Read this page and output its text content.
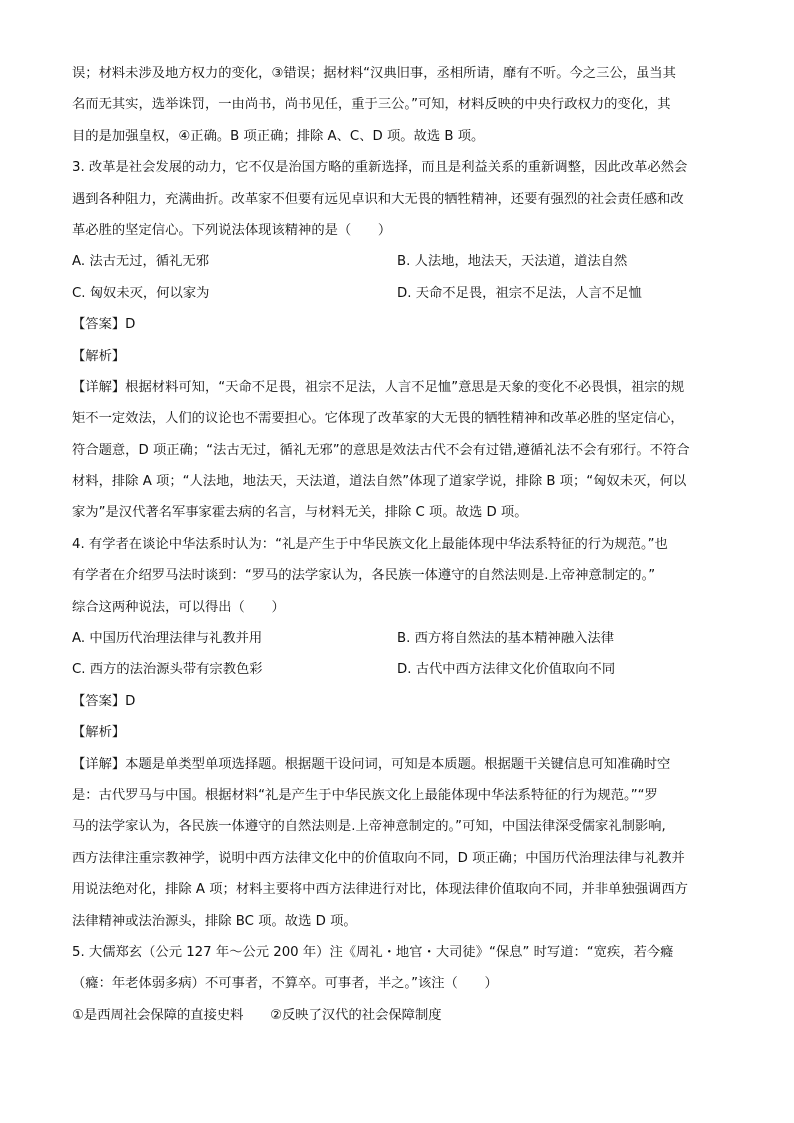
误；材料未涉及地方权力的变化，③错误；据材料“汉典旧事，丞相所请，靡有不听。今之三公，虽当其
名而无其实，选举诛罚，一由尚书，尚书见任，重于三公。”可知，材料反映的中央行政权力的变化，其
目的是加强皇权，④正确。B 项正确；排除 A、C、D 项。故选 B 项。
3. 改革是社会发展的动力，它不仅是治国方略的重新选择，而且是利益关系的重新调整，因此改革必然会
遇到各种阻力，充满曲折。改革家不但要有远见卓识和大无畏的牺牲精神，还要有强烈的社会责任感和改
革必胜的坚定信心。下列说法体现该精神的是（　　）
A. 法古无过，循礼无邪	B. 人法地，地法天，天法道，道法自然
C. 匈奴未灭，何以家为	D. 天命不足畏，祖宗不足法，人言不足恤
【答案】D
【解析】
【详解】根据材料可知，“天命不足畏，祖宗不足法，人言不足恤”意思是天象的变化不必畏惧，祖宗的规
矩不一定效法，人们的议论也不需要担心。它体现了改革家的大无畏的牺牲精神和改革必胜的坚定信心，
符合题意，D 项正确；“法古无过，循礼无邪”的意思是效法古代不会有过错,遵循礼法不会有邪行。不符合
材料，排除 A 项；“人法地，地法天，天法道，道法自然”体现了道家学说，排除 B 项；“匈奴未灭，何以
家为”是汉代著名军事家霍去病的名言，与材料无关，排除 C 项。故选 D 项。
4. 有学者在谈论中华法系时认为：“礼是产生于中华民族文化上最能体现中华法系特征的行为规范。”也
有学者在介绍罗马法时谈到：“罗马的法学家认为，各民族一体遵守的自然法则是.上帝神意制定的。”
综合这两种说法，可以得出（　　）
A. 中国历代治理法律与礼教并用	B. 西方将自然法的基本精神融入法律
C. 西方的法治源头带有宗教色彩	D. 古代中西方法律文化价值取向不同
【答案】D
【解析】
【详解】本题是单类型单项选择题。根据题干设问词，可知是本质题。根据题干关键信息可知准确时空
是：古代罗马与中国。根据材料“礼是产生于中华民族文化上最能体现中华法系特征的行为规范。”“罗
马的法学家认为，各民族一体遵守的自然法则是.上帝神意制定的。”可知，中国法律深受儒家礼制影响,
西方法律注重宗教神学，说明中西方法律文化中的价值取向不同，D 项正确；中国历代治理法律与礼教并
用说法绝对化，排除 A 项；材料主要将中西方法律进行对比，体现法律价值取向不同，并非单独强调西方
法律精神或法治源头，排除 BC 项。故选 D 项。
5. 大儒郑玄（公元 127 年～公元 200 年）注《周礼・地官・大司徒》“保息” 时写道：“宽疾，若今癃
（癃：年老体弱多病）不可事者，不算卒。可事者，半之。”该注（　　）
①是西周社会保障的直接史料　　②反映了汉代的社会保障制度
